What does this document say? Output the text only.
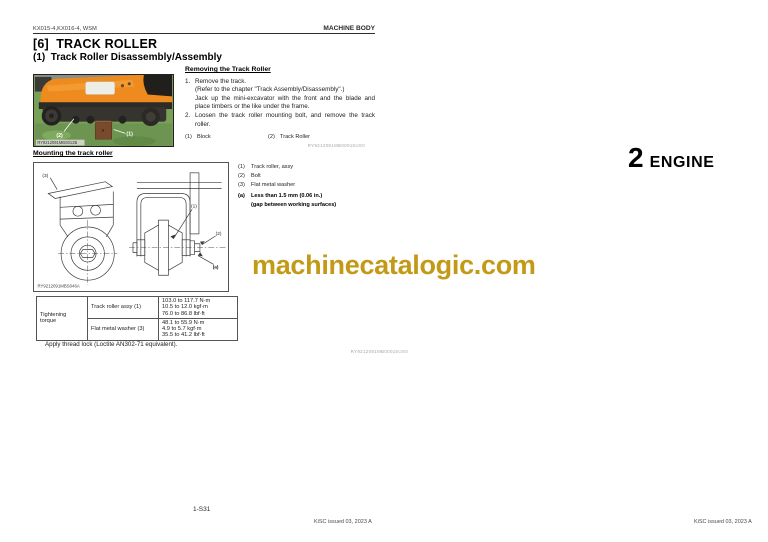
KX015-4,KX016-4, WSM	MACHINE BODY
[6]  TRACK ROLLER
(1)  Track Roller Disassembly/Assembly
(2)	(1)
RY9212091MBS012B
Mounting the track roller
Removing the Track Roller
1. Remove the track.
(Refer to the chapter "Track Assembly/Disassembly".)
Jack up the mini-excavator with the front and the blade and
place timbers or the like under the frame.
2. Loosen the track roller mounting bolt, and remove the track
roller.
(1) Block	(2) Track Roller
RY9212091MB00015US0
(3)
(1)
(2)
(a)
RY9212091MBS046A
(1) Track roller, assy
(2) Bolt
(3) Flat metal washer
(a) Less than 1.5 mm (0.06 in.)
(gap between working surfaces)
machinecatalogic.com
Tightening torque	Track roller assy (1)	103.0 to 117.7 N·m
10.5 to 12.0 kgf·m
76.0 to 86.8 lbf·ft

	Flat metal washer (3)	48.1 to 55.9 N·m
4.9 to 5.7 kgf·m
35.5 to 41.2 lbf·ft
Apply thread lock (Loctite AN302-71 equivalent).
RY9212091MB00015US0
2 ENGINE
1-S31
KiSC issued 03, 2023 A	KiSC issued 03, 2023 A
